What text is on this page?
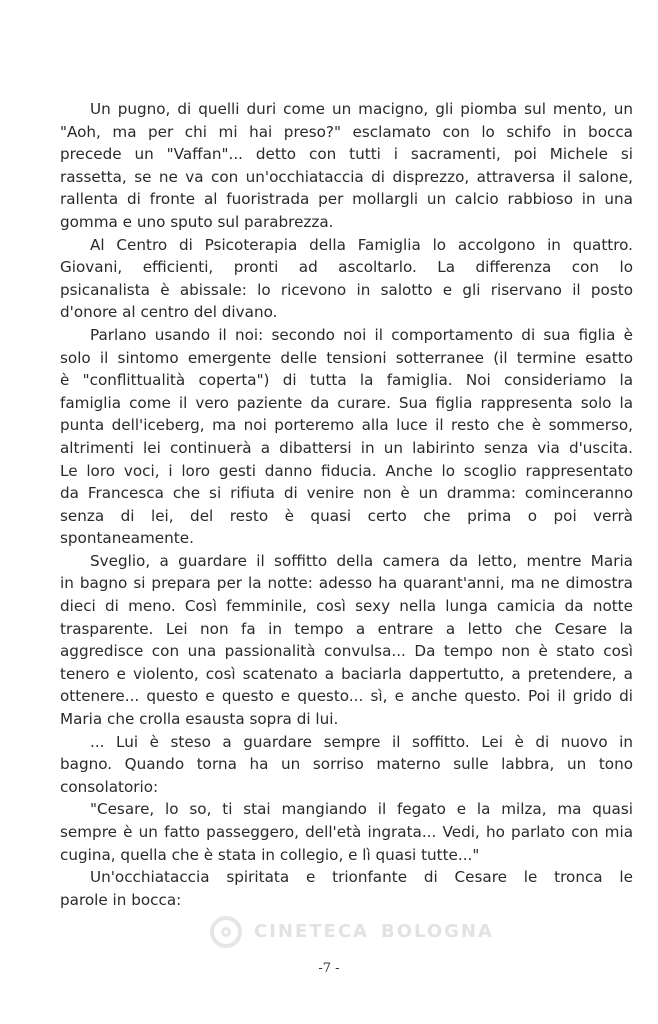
CINETECA BOLOGNA
Un pugno, di quelli duri come un macigno, gli piomba sul mento, un
"Aoh, ma per chi mi hai preso?" esclamato con lo schifo in bocca
precede un "Vaffan"... detto con tutti i sacramenti, poi Michele si
rassetta, se ne va con un'occhiataccia di disprezzo, attraversa il salone,
rallenta di fronte al fuoristrada per mollargli un calcio rabbioso in una
gomma e uno sputo sul parabrezza.
Al Centro di Psicoterapia della Famiglia lo accolgono in quattro.
Giovani, efficienti, pronti ad ascoltarlo. La differenza con lo
psicanalista è abissale: lo ricevono in salotto e gli riservano il posto
d'onore al centro del divano.
Parlano usando il noi: secondo noi il comportamento di sua figlia è
solo il sintomo emergente delle tensioni sotterranee (il termine esatto
è "conflittualità coperta") di tutta la famiglia. Noi consideriamo la
famiglia come il vero paziente da curare. Sua figlia rappresenta solo la
punta dell'iceberg, ma noi porteremo alla luce il resto che è sommerso,
altrimenti lei continuerà a dibattersi in un labirinto senza via d'uscita.
Le loro voci, i loro gesti danno fiducia. Anche lo scoglio rappresentato
da Francesca che si rifiuta di venire non è un dramma: cominceranno
senza di lei, del resto è quasi certo che prima o poi verrà
spontaneamente.
Sveglio, a guardare il soffitto della camera da letto, mentre Maria
in bagno si prepara per la notte: adesso ha quarant'anni, ma ne dimostra
dieci di meno. Così femminile, così sexy nella lunga camicia da notte
trasparente. Lei non fa in tempo a entrare a letto che Cesare la
aggredisce con una passionalità convulsa... Da tempo non è stato così
tenero e violento, così scatenato a baciarla dappertutto, a pretendere, a
ottenere... questo e questo e questo... sì, e anche questo. Poi il grido di
Maria che crolla esausta sopra di lui.
... Lui è steso a guardare sempre il soffitto. Lei è di nuovo in
bagno. Quando torna ha un sorriso materno sulle labbra, un tono
consolatorio:
"Cesare, lo so, ti stai mangiando il fegato e la milza, ma quasi
sempre è un fatto passeggero, dell'età ingrata... Vedi, ho parlato con mia
cugina, quella che è stata in collegio, e lì quasi tutte..."
Un'occhiataccia spiritata e trionfante di Cesare le tronca le
parole in bocca:
-7 -
